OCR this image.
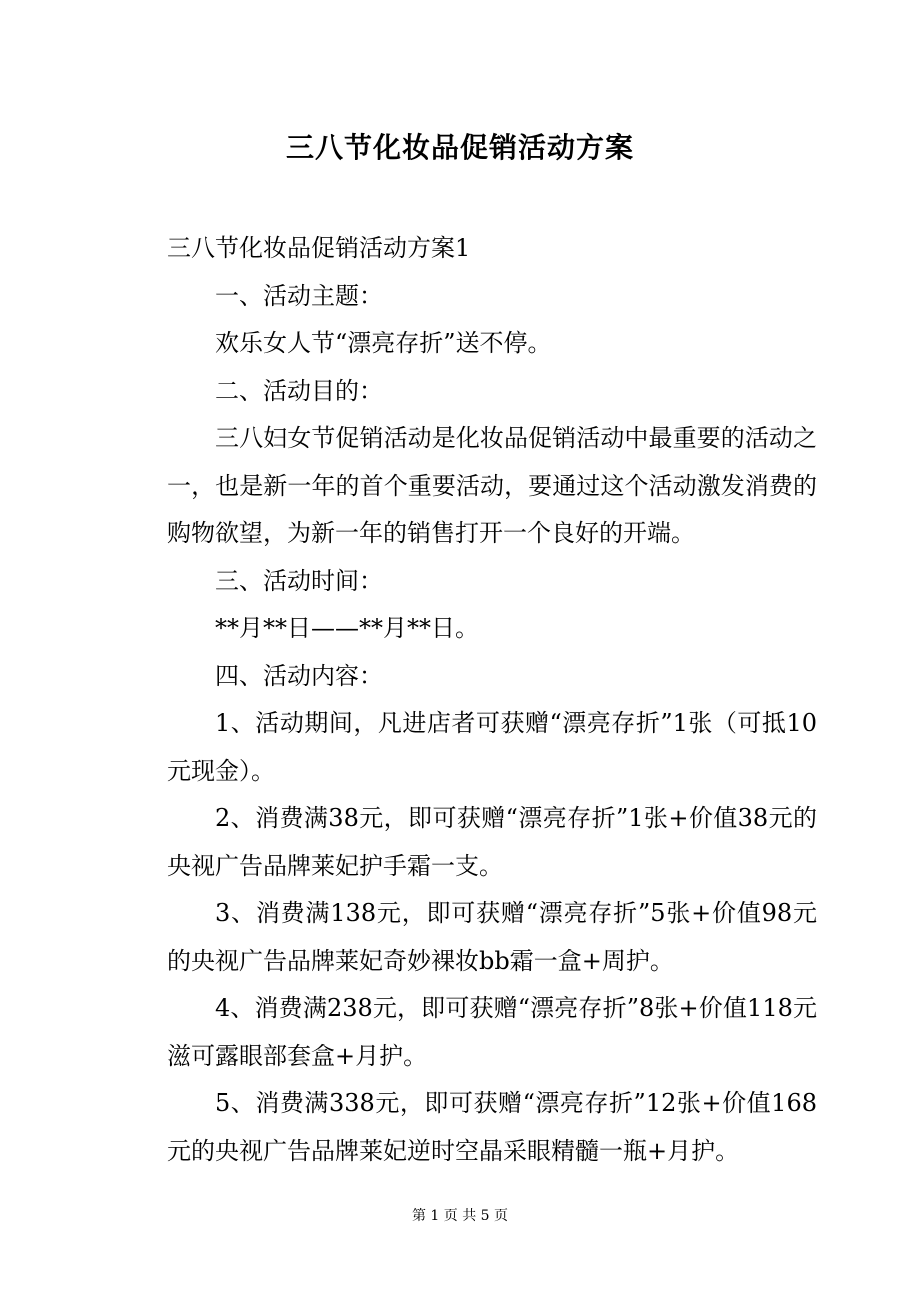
三八节化妆品促销活动方案

三八节化妆品促销活动方案1

一、活动主题：

欢乐女人节“漂亮存折”送不停。

二、活动目的：

三八妇女节促销活动是化妆品促销活动中最重要的活动之一，也是新一年的首个重要活动，要通过这个活动激发消费的购物欲望，为新一年的销售打开一个良好的开端。

三、活动时间：

**月**日——**月**日。

四、活动内容：

1、活动期间，凡进店者可获赠“漂亮存折”1张（可抵10元现金）。

2、消费满38元，即可获赠“漂亮存折”1张+价值38元的央视广告品牌莱妃护手霜一支。

3、消费满138元，即可获赠“漂亮存折”5张+价值98元的央视广告品牌莱妃奇妙裸妆bb霜一盒+周护。

4、消费满238元，即可获赠“漂亮存折”8张+价值118元滋可露眼部套盒+月护。

5、消费满338元，即可获赠“漂亮存折”12张+价值168元的央视广告品牌莱妃逆时空晶采眼精髓一瓶+月护。

第 1 页 共 5 页
